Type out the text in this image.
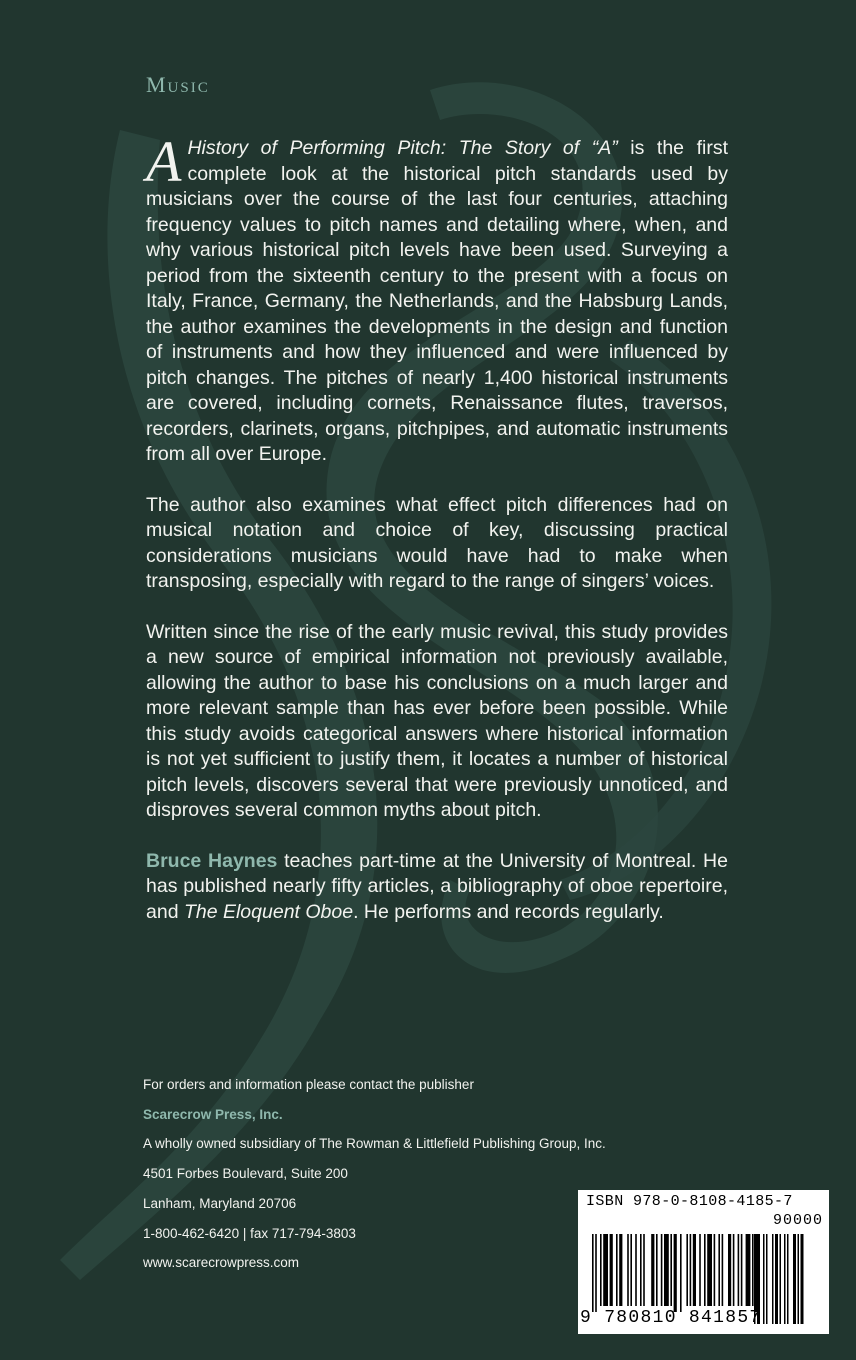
Music

A History of Performing Pitch: The Story of “A” is the first complete look at the historical pitch standards used by musicians over the course of the last four centuries, attaching frequency values to pitch names and detailing where, when, and why various historical pitch levels have been used. Surveying a period from the sixteenth century to the present with a focus on Italy, France, Germany, the Netherlands, and the Habsburg Lands, the author examines the developments in the design and function of instruments and how they influenced and were influenced by pitch changes. The pitches of nearly 1,400 historical instruments are covered, including cornets, Renaissance flutes, traversos, recorders, clarinets, organs, pitchpipes, and automatic instruments from all over Europe.

The author also examines what effect pitch differences had on musical notation and choice of key, discussing practical considerations musicians would have had to make when transposing, especially with regard to the range of singers’ voices.

Written since the rise of the early music revival, this study provides a new source of empirical information not previously available, allowing the author to base his conclusions on a much larger and more relevant sample than has ever before been possible. While this study avoids categorical answers where historical information is not yet sufficient to justify them, it locates a number of historical pitch levels, discovers several that were previously unnoticed, and disproves several common myths about pitch.

Bruce Haynes teaches part-time at the University of Montreal. He has published nearly fifty articles, a bibliography of oboe repertoire, and The Eloquent Oboe. He performs and records regularly.

For orders and information please contact the publisher
Scarecrow Press, Inc.
A wholly owned subsidiary of The Rowman & Littlefield Publishing Group, Inc.
4501 Forbes Boulevard, Suite 200
Lanham, Maryland 20706
1-800-462-6420 | fax 717-794-3803
www.scarecrowpress.com
ISBN 978-0-8108-4185-7
90000
9 780810 841857
